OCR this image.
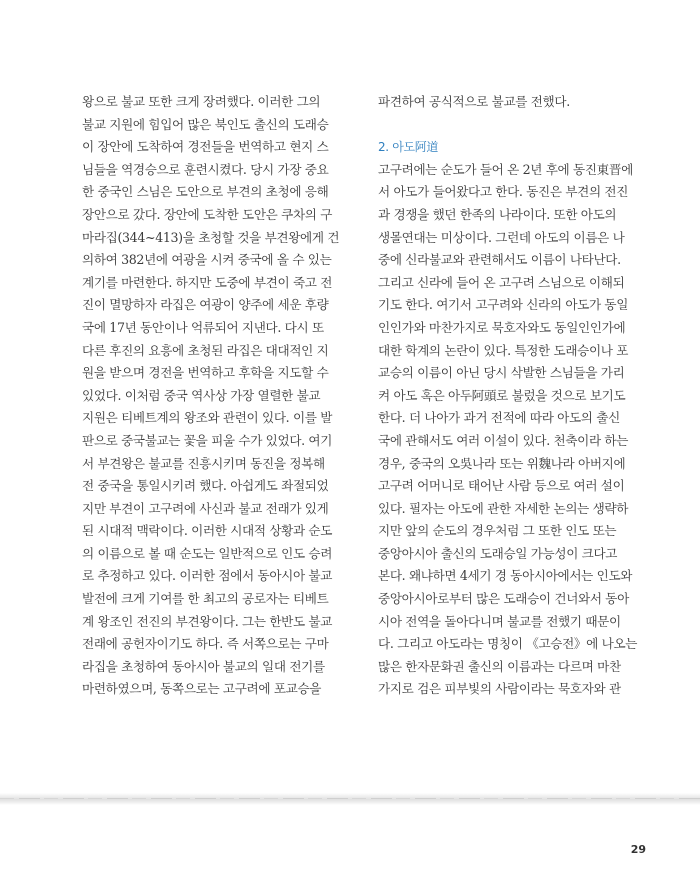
왕으로 불교 또한 크게 장려했다. 이러한 그의
불교 지원에 힘입어 많은 북인도 출신의 도래승
이 장안에 도착하여 경전들을 번역하고 현지 스
님들을 역경승으로 훈련시켰다. 당시 가장 중요
한 중국인 스님은 도안으로 부견의 초청에 응해
장안으로 갔다. 장안에 도착한 도안은 쿠차의 구
마라집(344~413)을 초청할 것을 부견왕에게 건
의하여 382년에 여광을 시켜 중국에 올 수 있는
계기를 마련한다. 하지만 도중에 부견이 죽고 전
진이 멸망하자 라집은 여광이 양주에 세운 후량
국에 17년 동안이나 억류되어 지낸다. 다시 또
다른 후진의 요흥에 초청된 라집은 대대적인 지
원을 받으며 경전을 번역하고 후학을 지도할 수
있었다. 이처럼 중국 역사상 가장 열렬한 불교
지원은 티베트계의 왕조와 관련이 있다. 이를 발
판으로 중국불교는 꽃을 피울 수가 있었다. 여기
서 부견왕은 불교를 진흥시키며 동진을 정복해
전 중국을 통일시키려 했다. 아쉽게도 좌절되었
지만 부견이 고구려에 사신과 불교 전래가 있게
된 시대적 맥락이다. 이러한 시대적 상황과 순도
의 이름으로 볼 때 순도는 일반적으로 인도 승려
로 추정하고 있다. 이러한 점에서 동아시아 불교
발전에 크게 기여를 한 최고의 공로자는 티베트
계 왕조인 전진의 부견왕이다. 그는 한반도 불교
전래에 공헌자이기도 하다. 즉 서쪽으로는 구마
라집을 초청하여 동아시아 불교의 일대 전기를
마련하였으며, 동쪽으로는 고구려에 포교승을
파견하여 공식적으로 불교를 전했다.
2. 아도阿道
고구려에는 순도가 들어 온 2년 후에 동진東晋에
서 아도가 들어왔다고 한다. 동진은 부견의 전진
과 경쟁을 했던 한족의 나라이다. 또한 아도의
생몰연대는 미상이다. 그런데 아도의 이름은 나
중에 신라불교와 관련해서도 이름이 나타난다.
그리고 신라에 들어 온 고구려 스님으로 이해되
기도 한다. 여기서 고구려와 신라의 아도가 동일
인인가와 마찬가지로 묵호자와도 동일인인가에
대한 학계의 논란이 있다. 특정한 도래승이나 포
교승의 이름이 아닌 당시 삭발한 스님들을 가리
켜 아도 혹은 아두阿頭로 불렀을 것으로 보기도
한다. 더 나아가 과거 전적에 따라 아도의 출신
국에 관해서도 여러 이설이 있다. 천축이라 하는
경우, 중국의 오吳나라 또는 위魏나라 아버지에
고구려 어머니로 태어난 사람 등으로 여러 설이
있다. 필자는 아도에 관한 자세한 논의는 생략하
지만 앞의 순도의 경우처럼 그 또한 인도 또는
중앙아시아 출신의 도래승일 가능성이 크다고
본다. 왜냐하면 4세기 경 동아시아에서는 인도와
중앙아시아로부터 많은 도래승이 건너와서 동아
시아 전역을 돌아다니며 불교를 전했기 때문이
다. 그리고 아도라는 명칭이 《고승전》에 나오는
많은 한자문화권 출신의 이름과는 다르며 마찬
가지로 검은 피부빛의 사람이라는 묵호자와 관
29
